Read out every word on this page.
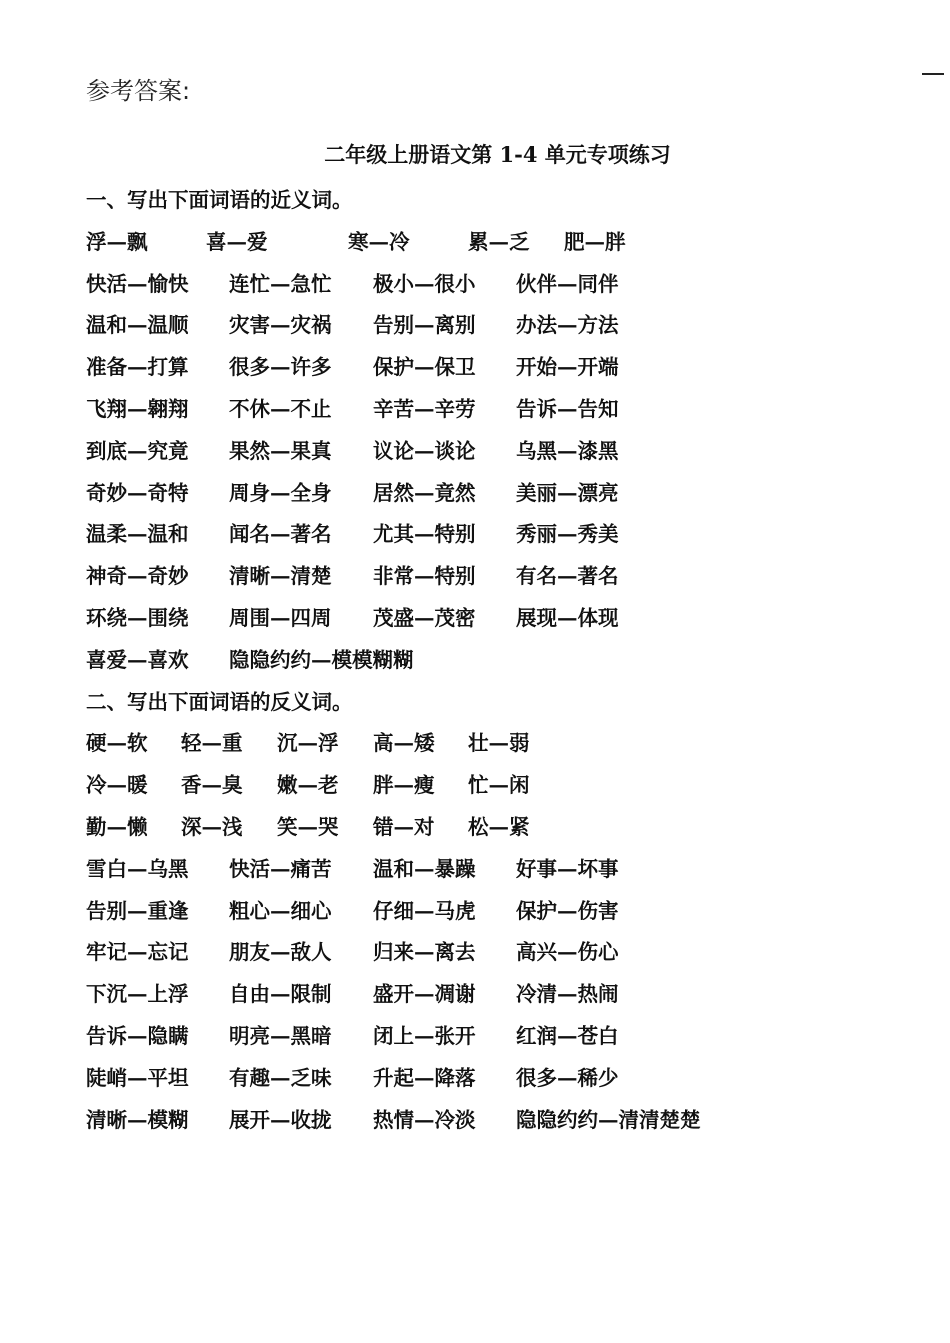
参考答案:
二年级上册语文第 1-4 单元专项练习
一、写出下面词语的近义词。
浮—飘	喜—爱	寒—冷	累—乏 肥—胖
快活—愉快 连忙—急忙 极小—很小 伙伴—同伴
温和—温顺 灾害—灾祸 告别—离别 办法—方法
准备—打算 很多—许多 保护—保卫 开始—开端
飞翔—翱翔 不休—不止 辛苦—辛劳 告诉—告知
到底—究竟 果然—果真 议论—谈论 乌黑—漆黑
奇妙—奇特 周身—全身 居然—竟然 美丽—漂亮
温柔—温和 闻名—著名 尤其—特别 秀丽—秀美
神奇—奇妙 清晰—清楚 非常—特别 有名—著名
环绕—围绕 周围—四周 茂盛—茂密 展现—体现
喜爱—喜欢 隐隐约约—模模糊糊
二、写出下面词语的反义词。
硬—软 轻—重 沉—浮 高—矮 壮—弱
冷—暖 香—臭 嫩—老 胖—瘦 忙—闲
勤—懒 深—浅 笑—哭 错—对 松—紧
雪白—乌黑 快活—痛苦 温和—暴躁 好事—坏事
告别—重逢 粗心—细心 仔细—马虎 保护—伤害
牢记—忘记 朋友—敌人 归来—离去 高兴—伤心
下沉—上浮 自由—限制 盛开—凋谢 冷清—热闹
告诉—隐瞒 明亮—黑暗 闭上—张开 红润—苍白
陡峭—平坦 有趣—乏味 升起—降落 很多—稀少
清晰—模糊 展开—收拢 热情—冷淡 隐隐约约—清清楚楚
